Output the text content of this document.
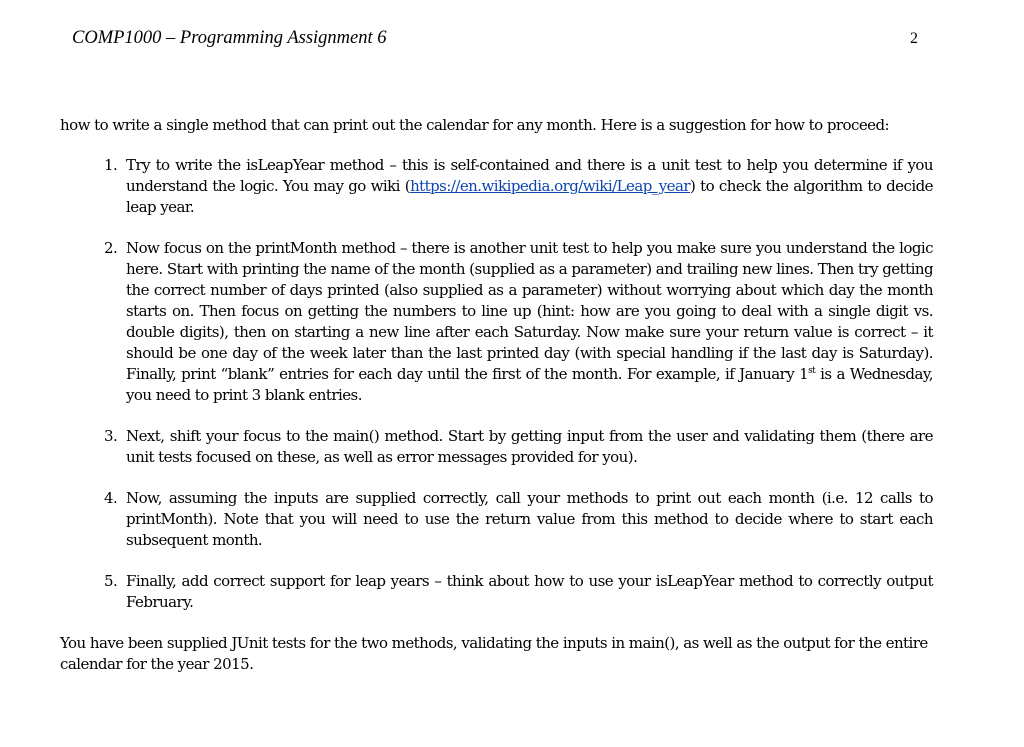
COMP1000 – Programming Assignment 6	2

how to write a single method that can print out the calendar for any month. Here is a suggestion for how to proceed:

1. Try to write the isLeapYear method – this is self-contained and there is a unit test to help you determine if you understand the logic. You may go wiki (https://en.wikipedia.org/wiki/Leap_year) to check the algorithm to decide leap year.
2. Now focus on the printMonth method – there is another unit test to help you make sure you understand the logic here. Start with printing the name of the month (supplied as a parameter) and trailing new lines. Then try getting the correct number of days printed (also supplied as a parameter) without worrying about which day the month starts on. Then focus on getting the numbers to line up (hint: how are you going to deal with a single digit vs. double digits), then on starting a new line after each Saturday. Now make sure your return value is correct – it should be one day of the week later than the last printed day (with special handling if the last day is Saturday). Finally, print “blank” entries for each day until the first of the month. For example, if January 1st is a Wednesday, you need to print 3 blank entries.
3. Next, shift your focus to the main() method. Start by getting input from the user and validating them (there are unit tests focused on these, as well as error messages provided for you).
4. Now, assuming the inputs are supplied correctly, call your methods to print out each month (i.e. 12 calls to printMonth). Note that you will need to use the return value from this method to decide where to start each subsequent month.
5. Finally, add correct support for leap years – think about how to use your isLeapYear method to correctly output February.

You have been supplied JUnit tests for the two methods, validating the inputs in main(), as well as the output for the entire calendar for the year 2015.
